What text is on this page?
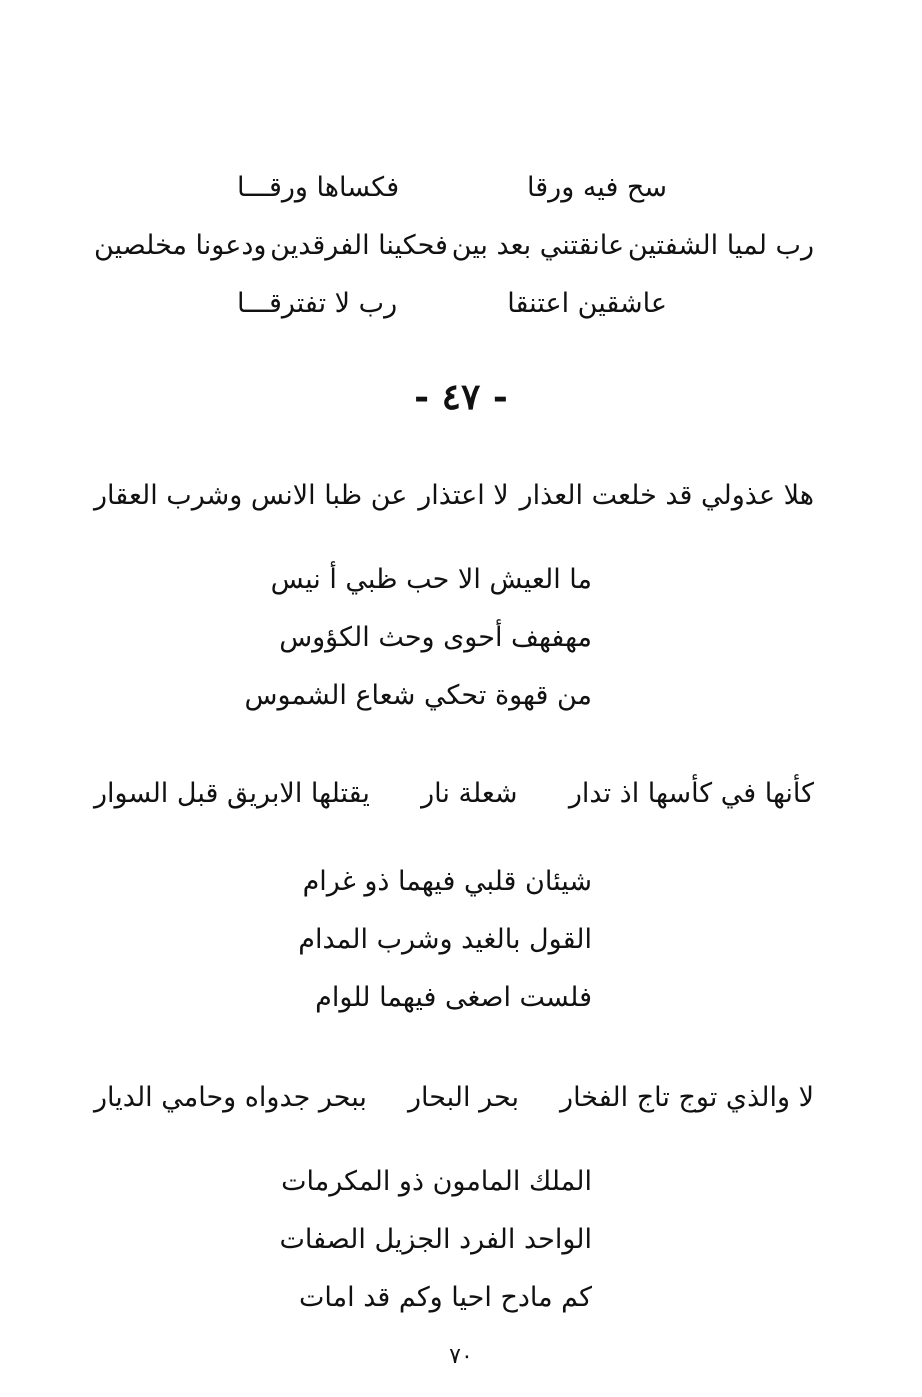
سح فيه ورقا
فكساها ورقـــا
رب لميا الشفتين
عانقتني بعد بين
فحكينا الفرقدين
ودعونا مخلصين
عاشقين اعتنقا
رب لا تفترقـــا
- ٤٧ -
هلا عذولي قد خلعت العذار
لا اعتذار
عن ظبا الانس وشرب العقار
ما العيش الا حب ظبي أ نيس
مهفهف أحوى وحث الكؤوس
من قهوة تحكي شعاع الشموس
كأنها في كأسها اذ تدار
شعلة نار
يقتلها الابريق قبل السوار
شيئان قلبي فيهما ذو غرام
القول بالغيد وشرب المدام
فلست اصغى فيهما للوام
لا والذي توج تاج الفخار
بحر البحار
ببحر جدواه وحامي الديار
الملك المامون ذو المكرمات
الواحد الفرد الجزيل الصفات
كم مادح احيا وكم قد امات
٧٠
